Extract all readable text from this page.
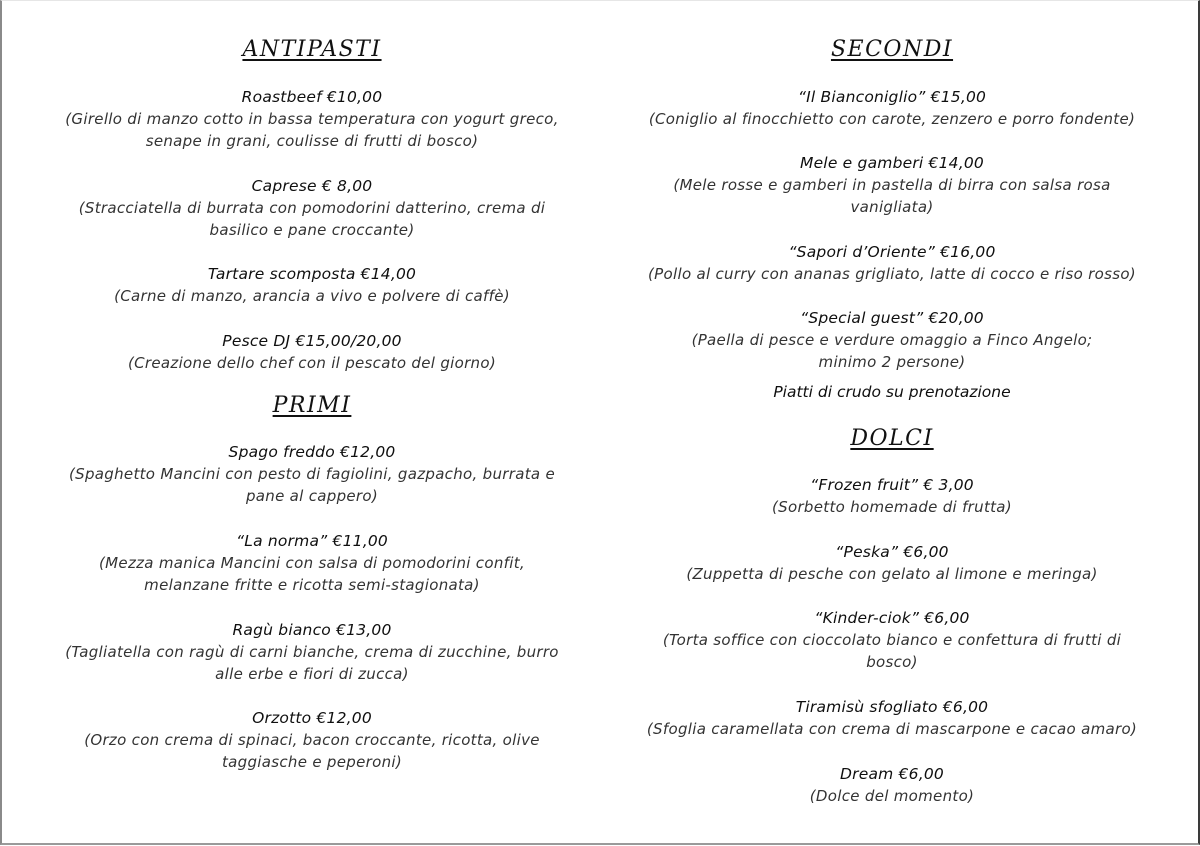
ANTIPASTI
Roastbeef €10,00
(Girello di manzo cotto in bassa temperatura con yogurt greco,
senape in grani, coulisse di frutti di bosco)
Caprese € 8,00
(Stracciatella di burrata con pomodorini datterino, crema di
basilico e pane croccante)
Tartare scomposta €14,00
(Carne di manzo, arancia a vivo e polvere di caffè)
Pesce DJ €15,00/20,00
(Creazione dello chef con il pescato del giorno)
PRIMI
Spago freddo €12,00
(Spaghetto Mancini con pesto di fagiolini, gazpacho, burrata e
pane al cappero)
“La norma” €11,00
(Mezza manica Mancini con salsa di pomodorini confit,
melanzane fritte e ricotta semi-stagionata)
Ragù bianco €13,00
(Tagliatella con ragù di carni bianche, crema di zucchine, burro
alle erbe e fiori di zucca)
Orzotto €12,00
(Orzo con crema di spinaci, bacon croccante, ricotta, olive
taggiasche e peperoni)
SECONDI
“Il Bianconiglio” €15,00
(Coniglio al finocchietto con carote, zenzero e porro fondente)
Mele e gamberi €14,00
(Mele rosse e gamberi in pastella di birra con salsa rosa
vanigliata)
“Sapori d’Oriente” €16,00
(Pollo al curry con ananas grigliato, latte di cocco e riso rosso)
“Special guest” €20,00
(Paella di pesce e verdure omaggio a Finco Angelo;
minimo 2 persone)
Piatti di crudo su prenotazione
DOLCI
“Frozen fruit” € 3,00
(Sorbetto homemade di frutta)
“Peska” €6,00
(Zuppetta di pesche con gelato al limone e meringa)
“Kinder-ciok” €6,00
(Torta soffice con cioccolato bianco e confettura di frutti di
bosco)
Tiramisù sfogliato €6,00
(Sfoglia caramellata con crema di mascarpone e cacao amaro)
Dream €6,00
(Dolce del momento)
